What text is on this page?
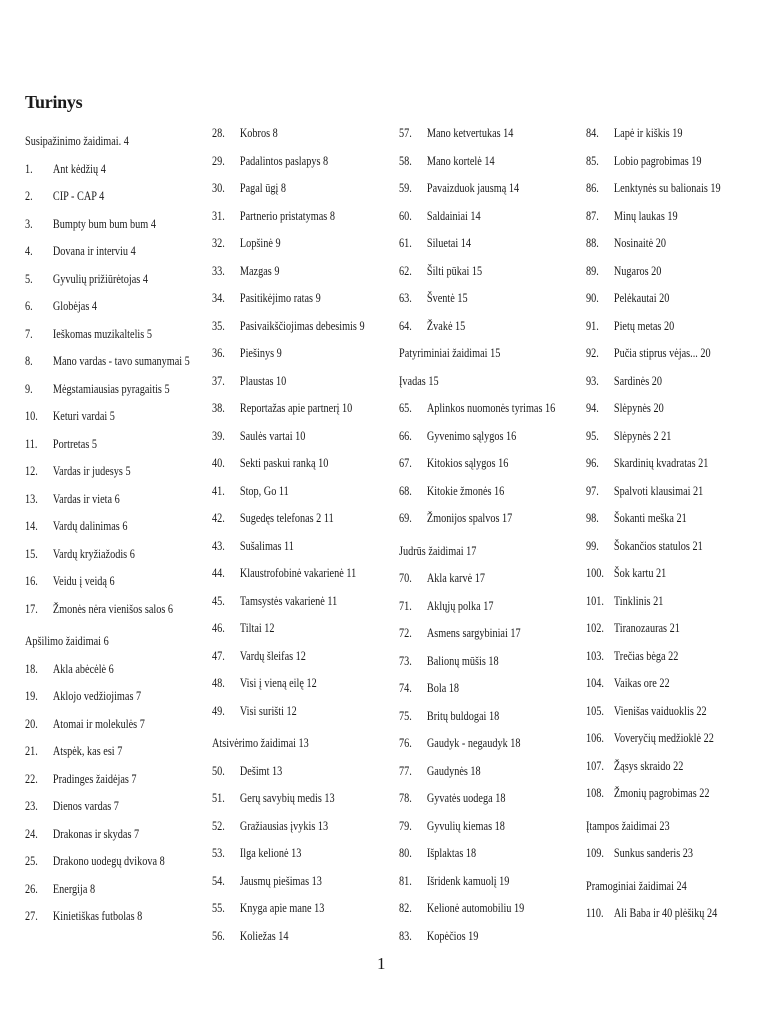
Turinys
Susipažinimo žaidimai. 4
1. Ant kėdžių 4
2. CIP - CAP 4
3. Bumpty bum bum bum 4
4. Dovana ir interviu 4
5. Gyvulių prižiūrėtojas 4
6. Globėjas 4
7. Ieškomas muzikaltelis 5
8. Mano vardas - tavo sumanymai 5
9. Mėgstamiausias pyragaitis 5
10. Keturi vardai 5
11. Portretas 5
12. Vardas ir judesys 5
13. Vardas ir vieta 6
14. Vardų dalinimas 6
15. Vardų kryžiažodis 6
16. Veidu į veidą 6
17. Žmonės nėra vienišos salos 6
Apšilimo žaidimai 6
18. Akla abėcėlė 6
19. Aklojo vedžiojimas 7
20. Atomai ir molekulės 7
21. Atspėk, kas esi 7
22. Pradinges žaidėjas 7
23. Dienos vardas 7
24. Drakonas ir skydas 7
25. Drakono uodegų dvikova 8
26. Energija 8
27. Kinietiškas futbolas 8
28. Kobros 8
29. Padalintos paslapys 8
30. Pagal ūgį 8
31. Partnerio pristatymas 8
32. Lopšinė 9
33. Mazgas 9
34. Pasitikėjimo ratas 9
35. Pasivaikščiojimas debesimis 9
36. Piešinys 9
37. Plaustas 10
38. Reportažas apie partnerį 10
39. Saulės vartai 10
40. Sekti paskui ranką 10
41. Stop, Go 11
42. Sugedęs telefonas 2 11
43. Sušalimas 11
44. Klaustrofobinė vakarienė 11
45. Tamsystės vakarienė 11
46. Tiltai 12
47. Vardų šleifas 12
48. Visi į vieną eilę 12
49. Visi surišti 12
Atsivėrimo žaidimai 13
50. Dešimt 13
51. Gerų savybių medis 13
52. Gražiausias įvykis 13
53. Ilga kelionė 13
54. Jausmų piešimas 13
55. Knyga apie mane 13
56. Koliežas 14
57. Mano ketvertukas 14
58. Mano kortelė 14
59. Pavaizduok jausmą 14
60. Saldainiai 14
61. Siluetai 14
62. Šilti pūkai 15
63. Šventė 15
64. Žvakė 15
Patyriminiai žaidimai 15
Įvadas 15
65. Aplinkos nuomonės tyrimas 16
66. Gyvenimo sąlygos 16
67. Kitokios sąlygos 16
68. Kitokie žmonės 16
69. Žmonijos spalvos 17
Judrūs žaidimai 17
70. Akla karvė 17
71. Aklųjų polka 17
72. Asmens sargybiniai 17
73. Balionų mūšis 18
74. Bola 18
75. Britų buldogai 18
76. Gaudyk - negaudyk 18
77. Gaudynės 18
78. Gyvatės uodega 18
79. Gyvulių kiemas 18
80. Išplaktas 18
81. Išridenk kamuolį 19
82. Kelionė automobiliu 19
83. Kopėčios 19
84. Lapė ir kiškis 19
85. Lobio pagrobimas 19
86. Lenktynės su balionais 19
87. Minų laukas 19
88. Nosinaitė 20
89. Nugaros 20
90. Pelėkautai 20
91. Pietų metas 20
92. Pučia stiprus vėjas... 20
93. Sardinės 20
94. Slėpynės 20
95. Slėpynės 2 21
96. Skardinių kvadratas 21
97. Spalvoti klausimai 21
98. Šokanti meška 21
99. Šokančios statulos 21
100. Šok kartu 21
101. Tinklinis 21
102. Tiranozauras 21
103. Trečias bėga 22
104. Vaikas ore 22
105. Vienišas vaiduoklis 22
106. Voveryčių medžioklė 22
107. Žąsys skraido 22
108. Žmonių pagrobimas 22
Įtampos žaidimai 23
109. Sunkus sanderis 23
Pramoginiai žaidimai 24
110. Ali Baba ir 40 plėšikų 24
1
